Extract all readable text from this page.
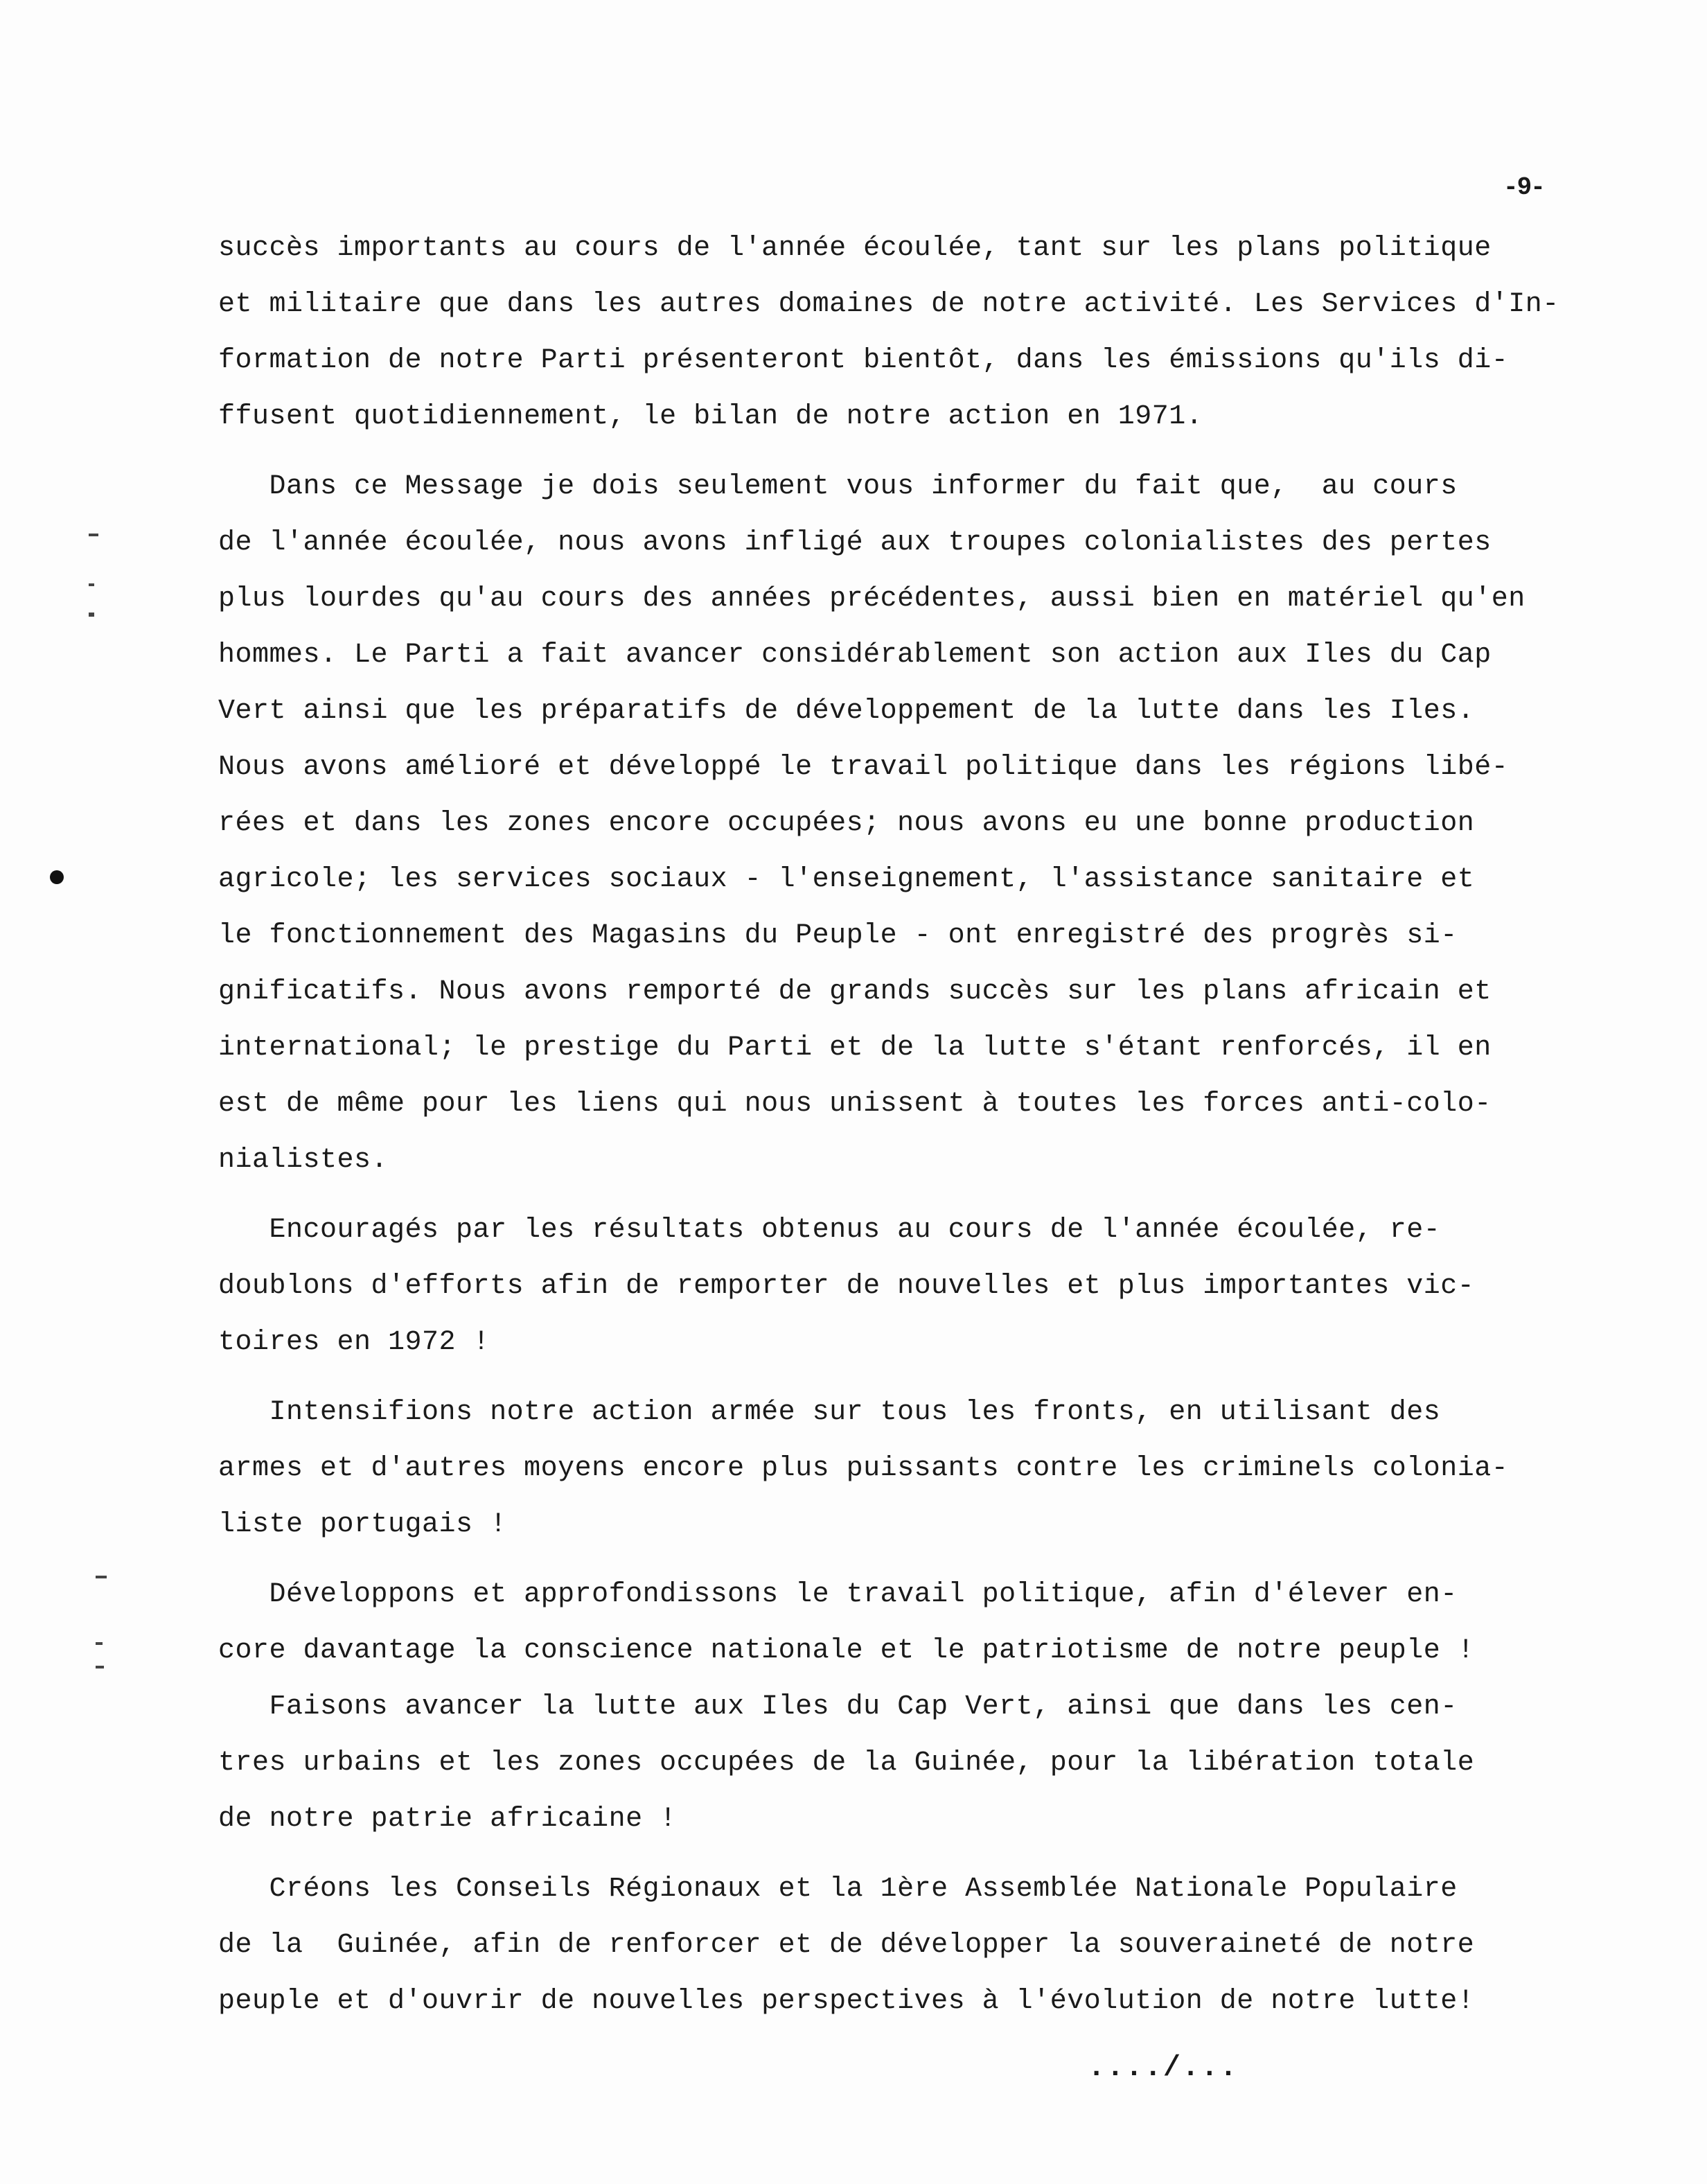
-9-
succès importants au cours de l'année écoulée, tant sur les plans politique
et militaire que dans les autres domaines de notre activité. Les Services d'In-
formation de notre Parti présenteront bientôt, dans les émissions qu'ils di-
ffusent quotidiennement, le bilan de notre action en 1971.
Dans ce Message je dois seulement vous informer du fait que,  au cours
de l'année écoulée, nous avons infligé aux troupes colonialistes des pertes
plus lourdes qu'au cours des années précédentes, aussi bien en matériel qu'en
hommes. Le Parti a fait avancer considérablement son action aux Iles du Cap
Vert ainsi que les préparatifs de développement de la lutte dans les Iles.
Nous avons amélioré et développé le travail politique dans les régions libé-
rées et dans les zones encore occupées; nous avons eu une bonne production
agricole; les services sociaux - l'enseignement, l'assistance sanitaire et
le fonctionnement des Magasins du Peuple - ont enregistré des progrès si-
gnificatifs. Nous avons remporté de grands succès sur les plans africain et
international; le prestige du Parti et de la lutte s'étant renforcés, il en
est de même pour les liens qui nous unissent à toutes les forces anti-colo-
nialistes.
Encouragés par les résultats obtenus au cours de l'année écoulée, re-
doublons d'efforts afin de remporter de nouvelles et plus importantes vic-
toires en 1972 !
Intensifions notre action armée sur tous les fronts, en utilisant des
armes et d'autres moyens encore plus puissants contre les criminels colonia-
liste portugais !
Développons et approfondissons le travail politique, afin d'élever en-
core davantage la conscience nationale et le patriotisme de notre peuple !
Faisons avancer la lutte aux Iles du Cap Vert, ainsi que dans les cen-
tres urbains et les zones occupées de la Guinée, pour la libération totale
de notre patrie africaine !
Créons les Conseils Régionaux et la 1ère Assemblée Nationale Populaire
de la  Guinée, afin de renforcer et de développer la souveraineté de notre
peuple et d'ouvrir de nouvelles perspectives à l'évolution de notre lutte!
..../...
